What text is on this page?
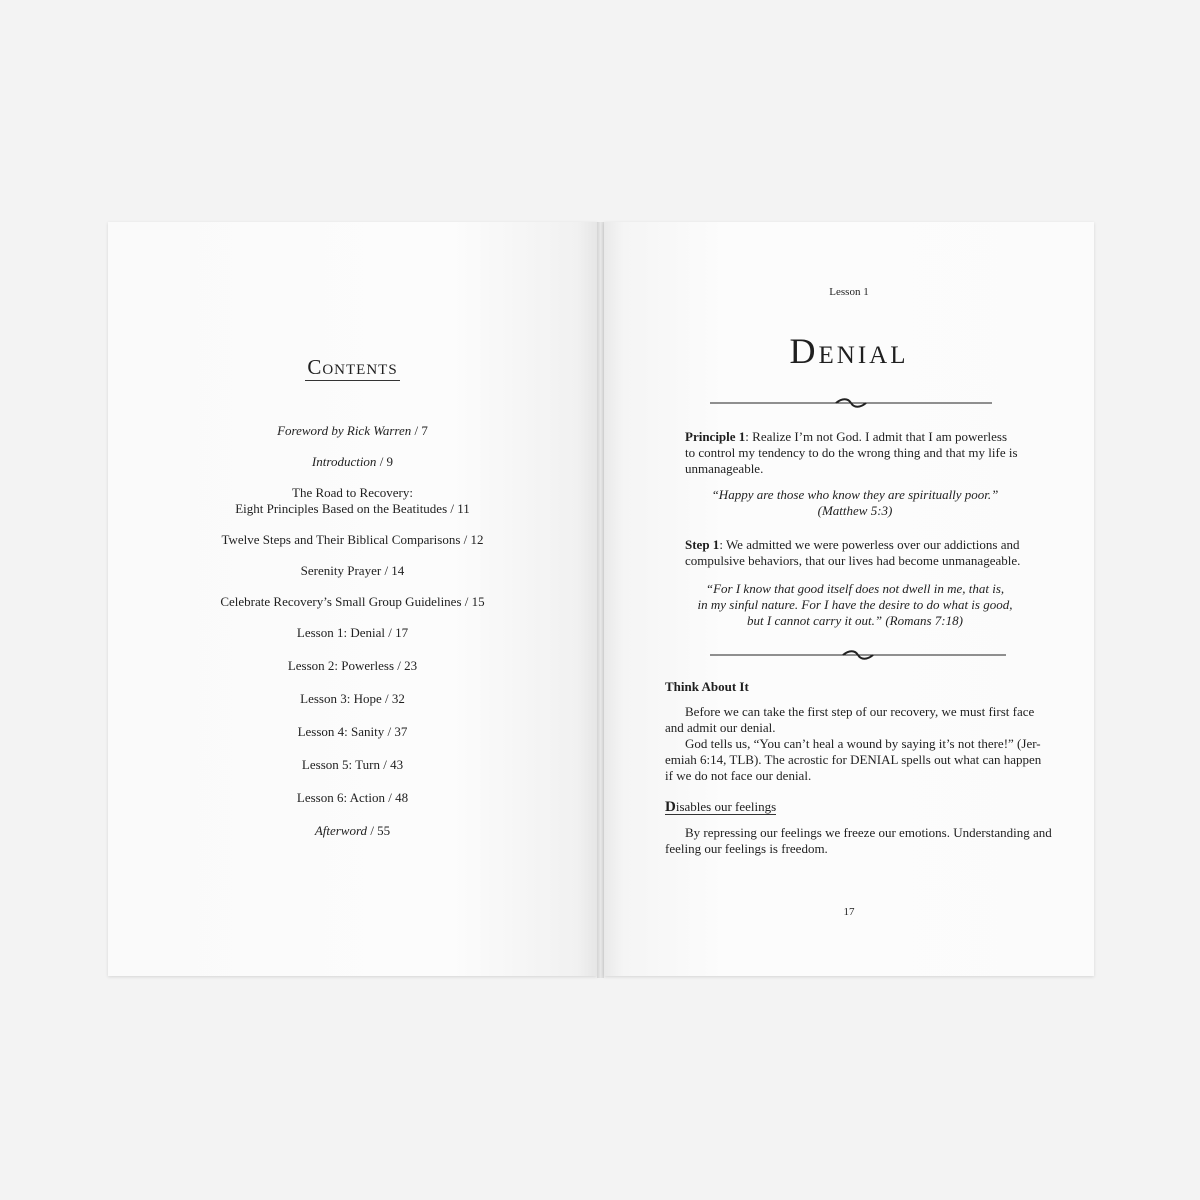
Contents
Foreword by Rick Warren / 7
Introduction / 9
The Road to Recovery:
Eight Principles Based on the Beatitudes / 11
Twelve Steps and Their Biblical Comparisons / 12
Serenity Prayer / 14
Celebrate Recovery’s Small Group Guidelines / 15
Lesson 1: Denial / 17
Lesson 2: Powerless / 23
Lesson 3: Hope / 32
Lesson 4: Sanity / 37
Lesson 5: Turn / 43
Lesson 6: Action / 48
Afterword / 55
Lesson 1
Denial
Principle 1: Realize I’m not God. I admit that I am powerless
to control my tendency to do the wrong thing and that my life is
unmanageable.
“Happy are those who know they are spiritually poor.”
(Matthew 5:3)
Step 1: We admitted we were powerless over our addictions and
compulsive behaviors, that our lives had become unmanageable.
“For I know that good itself does not dwell in me, that is,
in my sinful nature. For I have the desire to do what is good,
but I cannot carry it out.” (Romans 7:18)
Think About It
Before we can take the first step of our recovery, we must first face
and admit our denial.
God tells us, “You can’t heal a wound by saying it’s not there!” (Jer-
emiah 6:14, TLB). The acrostic for DENIAL spells out what can happen
if we do not face our denial.
Disables our feelings
By repressing our feelings we freeze our emotions. Understanding and
feeling our feelings is freedom.
17
